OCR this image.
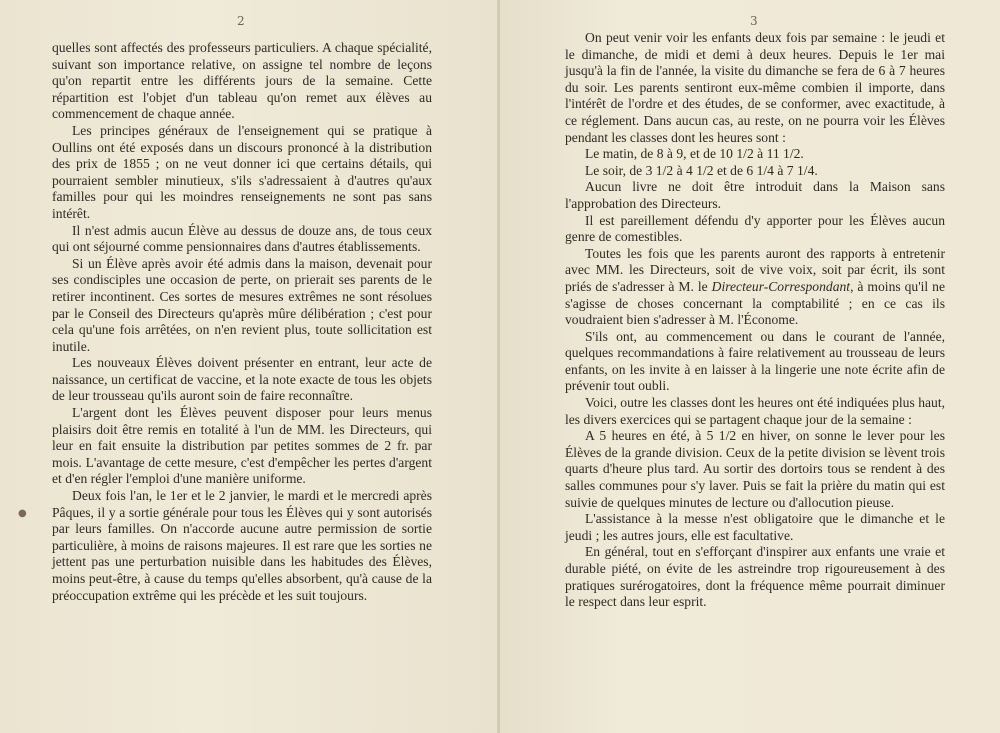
2

quelles sont affectés des professeurs particuliers. A chaque spécialité, suivant son importance relative, on assigne tel nombre de leçons qu'on repartit entre les différents jours de la semaine. Cette répartition est l'objet d'un tableau qu'on remet aux élèves au commencement de chaque année.

Les principes généraux de l'enseignement qui se pratique à Oullins ont été exposés dans un discours prononcé à la distribution des prix de 1855 ; on ne veut donner ici que certains détails, qui pourraient sembler minutieux, s'ils s'adressaient à d'autres qu'aux familles pour qui les moindres renseignements ne sont pas sans intérêt.

Il n'est admis aucun Élève au dessus de douze ans, de tous ceux qui ont séjourné comme pensionnaires dans d'autres établissements.

Si un Élève après avoir été admis dans la maison, devenait pour ses condisciples une occasion de perte, on prierait ses parents de le retirer incontinent. Ces sortes de mesures extrêmes ne sont résolues par le Conseil des Directeurs qu'après mûre délibération ; c'est pour cela qu'une fois arrêtées, on n'en revient plus, toute sollicitation est inutile.

Les nouveaux Élèves doivent présenter en entrant, leur acte de naissance, un certificat de vaccine, et la note exacte de tous les objets de leur trousseau qu'ils auront soin de faire reconnaître.

L'argent dont les Élèves peuvent disposer pour leurs menus plaisirs doit être remis en totalité à l'un de MM. les Directeurs, qui leur en fait ensuite la distribution par petites sommes de 2 fr. par mois. L'avantage de cette mesure, c'est d'empêcher les pertes d'argent et d'en régler l'emploi d'une manière uniforme.

Deux fois l'an, le 1er et le 2 janvier, le mardi et le mercredi après Pâques, il y a sortie générale pour tous les Élèves qui y sont autorisés par leurs familles. On n'accorde aucune autre permission de sortie particulière, à moins de raisons majeures. Il est rare que les sorties ne jettent pas une perturbation nuisible dans les habitudes des Élèves, moins peut-être, à cause du temps qu'elles absorbent, qu'à cause de la préoccupation extrême qui les précède et les suit toujours.

●
3

On peut venir voir les enfants deux fois par semaine : le jeudi et le dimanche, de midi et demi à deux heures. Depuis le 1er mai jusqu'à la fin de l'année, la visite du dimanche se fera de 6 à 7 heures du soir. Les parents sentiront eux-même combien il importe, dans l'intérêt de l'ordre et des études, de se conformer, avec exactitude, à ce réglement. Dans aucun cas, au reste, on ne pourra voir les Élèves pendant les classes dont les heures sont :

Le matin, de 8 à 9, et de 10 1/2 à 11 1/2.

Le soir, de 3 1/2 à 4 1/2 et de 6 1/4 à 7 1/4.

Aucun livre ne doit être introduit dans la Maison sans l'approbation des Directeurs.

Il est pareillement défendu d'y apporter pour les Élèves aucun genre de comestibles.

Toutes les fois que les parents auront des rapports à entretenir avec MM. les Directeurs, soit de vive voix, soit par écrit, ils sont priés de s'adresser à M. le Directeur-Correspondant, à moins qu'il ne s'agisse de choses concernant la comptabilité ; en ce cas ils voudraient bien s'adresser à M. l'Économe.

S'ils ont, au commencement ou dans le courant de l'année, quelques recommandations à faire relativement au trousseau de leurs enfants, on les invite à en laisser à la lingerie une note écrite afin de prévenir tout oubli.

Voici, outre les classes dont les heures ont été indiquées plus haut, les divers exercices qui se partagent chaque jour de la semaine :

A 5 heures en été, à 5 1/2 en hiver, on sonne le lever pour les Élèves de la grande division. Ceux de la petite division se lèvent trois quarts d'heure plus tard. Au sortir des dortoirs tous se rendent à des salles communes pour s'y laver. Puis se fait la prière du matin qui est suivie de quelques minutes de lecture ou d'allocution pieuse.

L'assistance à la messe n'est obligatoire que le dimanche et le jeudi ; les autres jours, elle est facultative.

En général, tout en s'efforçant d'inspirer aux enfants une vraie et durable piété, on évite de les astreindre trop rigoureusement à des pratiques surérogatoires, dont la fréquence même pourrait diminuer le respect dans leur esprit.
